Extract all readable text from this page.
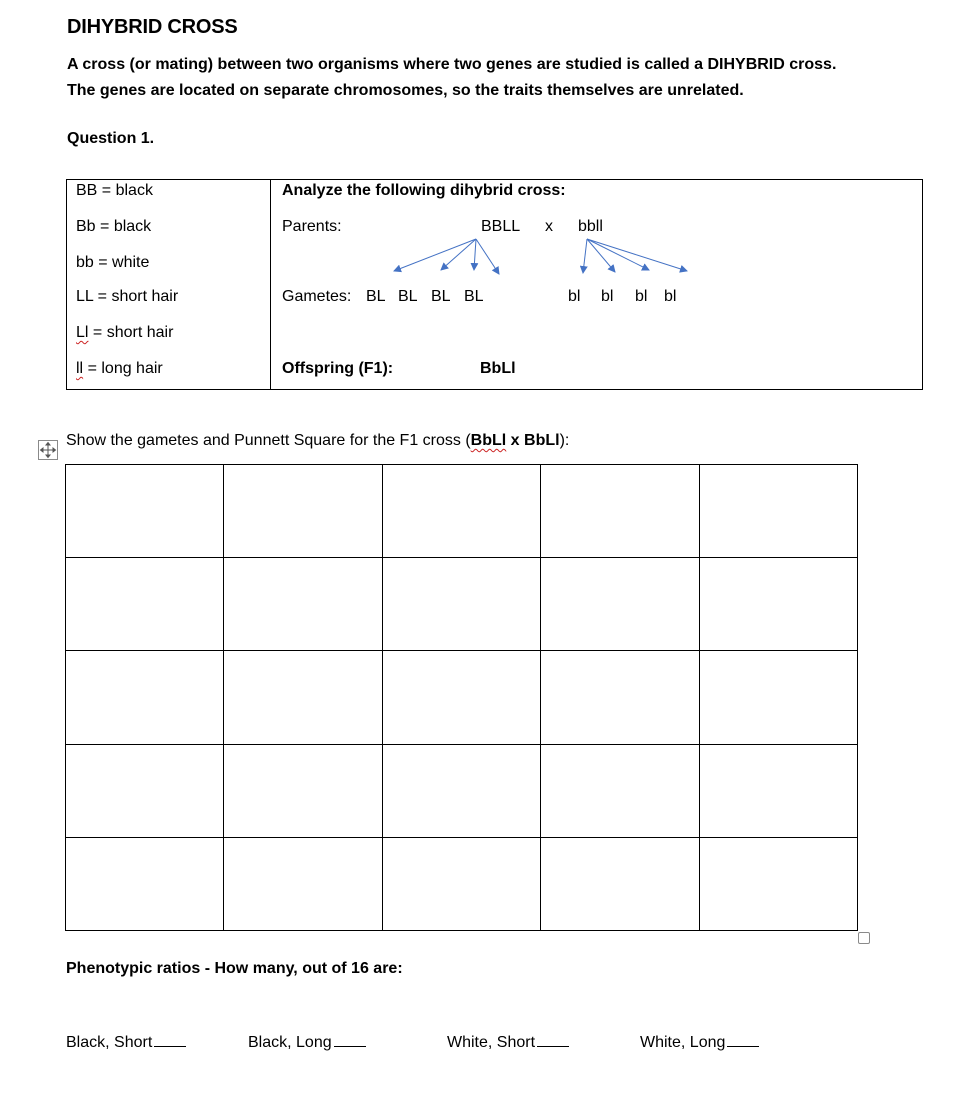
DIHYBRID CROSS
A cross (or mating) between two organisms where two genes are studied is called a DIHYBRID cross.
The genes are located on separate chromosomes, so the traits themselves are unrelated.
Question 1.
BB = black
Bb = black
bb = white
LL = short hair
Ll = short hair
ll = long hair
Analyze the following dihybrid cross:
Parents:	BBLL x bbll
Gametes: BL BL BL BL	bl bl bl bl
Offspring (F1):	BbLl
Show the gametes and Punnett Square for the F1 cross (BbLl x BbLl):

Phenotypic ratios - How many, out of 16 are:
Black, Short	Black, Long	White, Short	White, Long
